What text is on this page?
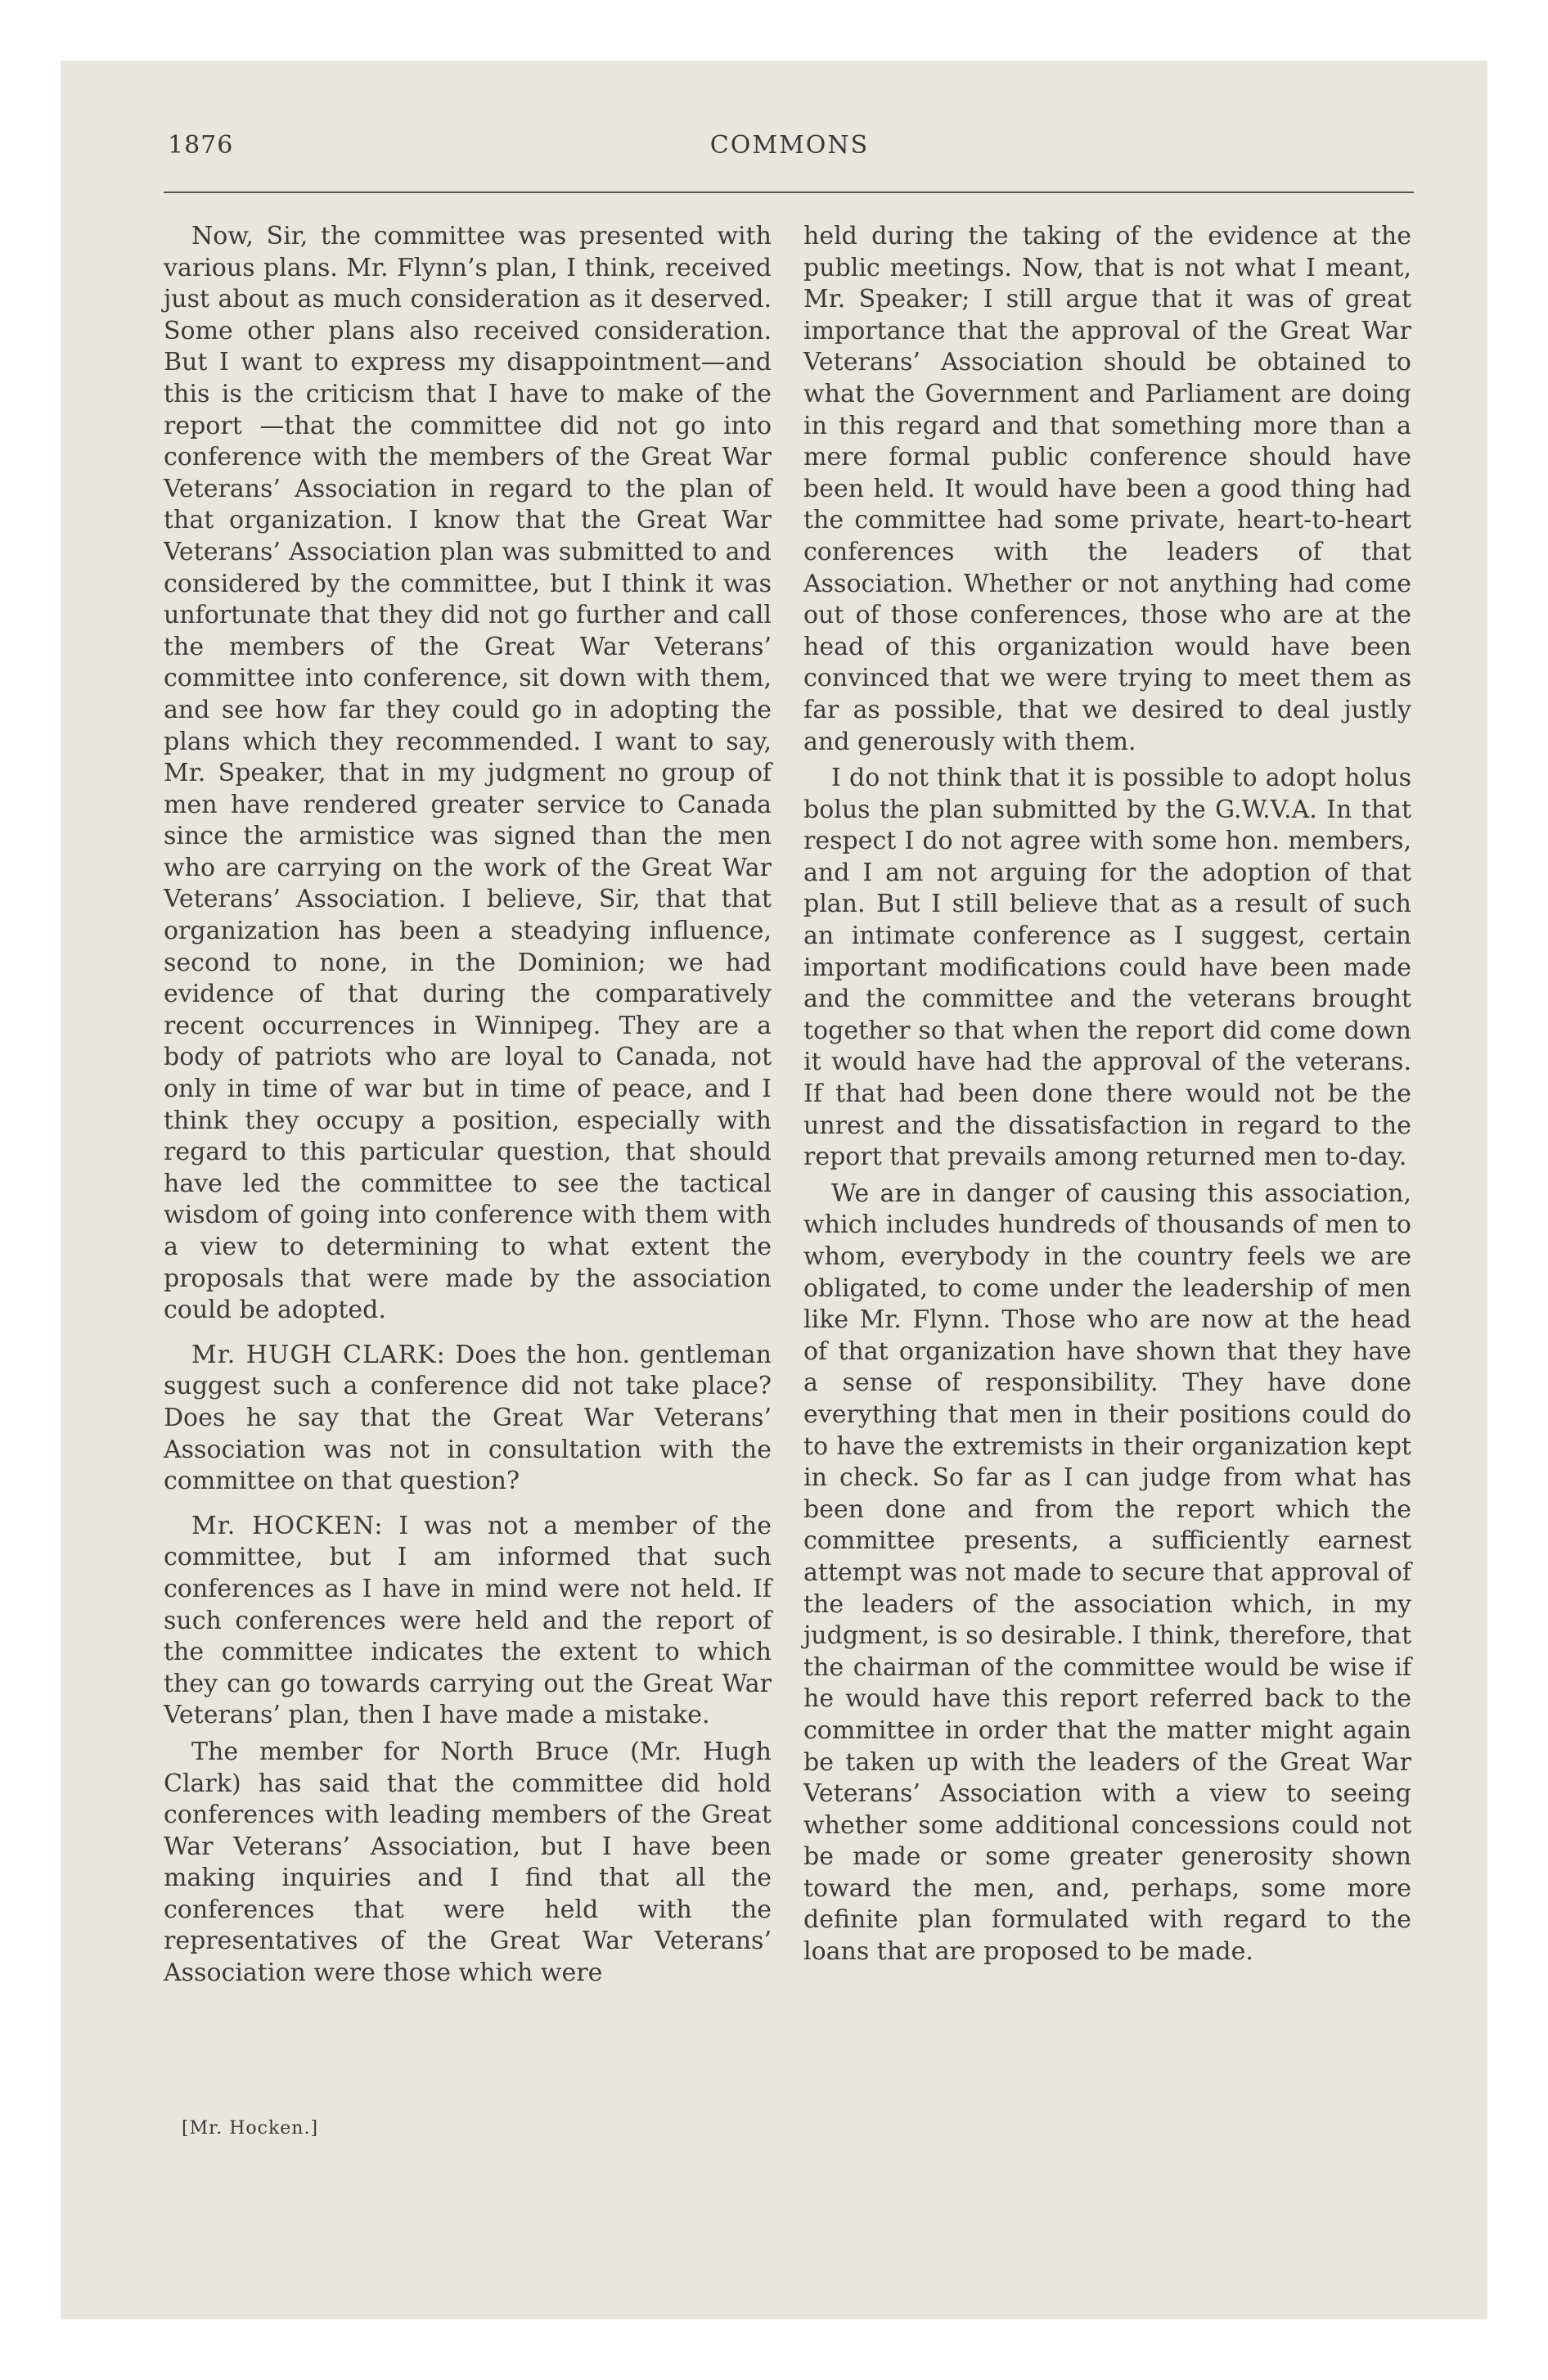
COMMONS
1876

Now, Sir, the committee was presented with various plans. Mr. Flynn’s plan, I think, received just about as much consideration as it deserved. Some other plans also received consideration. But I want to express my disappointment—and this is the criticism that I have to make of the report —that the committee did not go into conference with the members of the Great War Veterans’ Association in regard to the plan of that organization. I know that the Great War Veterans’ Association plan was submitted to and considered by the committee, but I think it was unfortunate that they did not go further and call the members of the Great War Veterans’ committee into conference, sit down with them, and see how far they could go in adopting the plans which they recommended. I want to say, Mr. Speaker, that in my judgment no group of men have rendered greater service to Canada since the armistice was signed than the men who are carrying on the work of the Great War Veterans’ Association. I believe, Sir, that that organization has been a steadying influence, second to none, in the Dominion; we had evidence of that during the comparatively recent occurrences in Winnipeg. They are a body of patriots who are loyal to Canada, not only in time of war but in time of peace, and I think they occupy a position, especially with regard to this particular question, that should have led the committee to see the tactical wisdom of going into conference with them with a view to determining to what extent the proposals that were made by the association could be adopted.

Mr. HUGH CLARK: Does the hon. gentleman suggest such a conference did not take place? Does he say that the Great War Veterans’ Association was not in consultation with the committee on that question?

Mr. HOCKEN: I was not a member of the committee, but I am informed that such conferences as I have in mind were not held. If such conferences were held and the report of the committee indicates the extent to which they can go towards carrying out the Great War Veterans’ plan, then I have made a mistake.

The member for North Bruce (Mr. Hugh Clark) has said that the committee did hold conferences with leading members of the Great War Veterans’ Association, but I have been making inquiries and I find that all the conferences that were held with the representatives of the Great War Veterans’ Association were those which were

[Mr. Hocken.]

held during the taking of the evidence at the public meetings. Now, that is not what I meant, Mr. Speaker; I still argue that it was of great importance that the approval of the Great War Veterans’ Association should be obtained to what the Government and Parliament are doing in this regard and that something more than a mere formal public conference should have been held. It would have been a good thing had the committee had some private, heart-to-heart conferences with the leaders of that Association. Whether or not anything had come out of those conferences, those who are at the head of this organization would have been convinced that we were trying to meet them as far as possible, that we desired to deal justly and generously with them.

I do not think that it is possible to adopt holus bolus the plan submitted by the G.W.V.A. In that respect I do not agree with some hon. members, and I am not arguing for the adoption of that plan. But I still believe that as a result of such an intimate conference as I suggest, certain important modifications could have been made and the committee and the veterans brought together so that when the report did come down it would have had the approval of the veterans. If that had been done there would not be the unrest and the dissatisfaction in regard to the report that prevails among returned men to-day.

We are in danger of causing this association, which includes hundreds of thousands of men to whom, everybody in the country feels we are obligated, to come under the leadership of men like Mr. Flynn. Those who are now at the head of that organization have shown that they have a sense of responsibility. They have done everything that men in their positions could do to have the extremists in their organization kept in check. So far as I can judge from what has been done and from the report which the committee presents, a sufficiently earnest attempt was not made to secure that approval of the leaders of the association which, in my judgment, is so desirable. I think, therefore, that the chairman of the committee would be wise if he would have this report referred back to the committee in order that the matter might again be taken up with the leaders of the Great War Veterans’ Association with a view to seeing whether some additional concessions could not be made or some greater generosity shown toward the men, and, perhaps, some more definite plan formulated with regard to the loans that are proposed to be made.
